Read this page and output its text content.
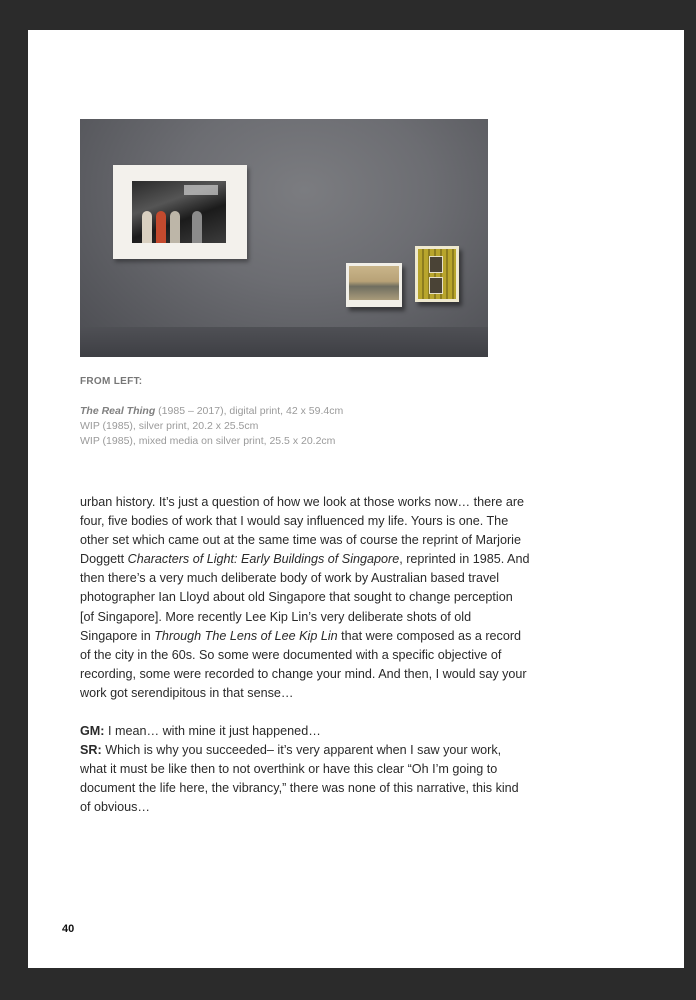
FROM LEFT:
The Real Thing (1985 – 2017), digital print, 42 x 59.4cm
WIP (1985), silver print, 20.2 x 25.5cm
WIP (1985), mixed media on silver print, 25.5 x 20.2cm

urban history. It’s just a question of how we look at those works now… there are four, five bodies of work that I would say influenced my life. Yours is one. The other set which came out at the same time was of course the reprint of Marjorie Doggett Characters of Light: Early Buildings of Singapore, reprinted in 1985. And then there’s a very much deliberate body of work by Australian based travel photographer Ian Lloyd about old Singapore that sought to change perception [of Singapore]. More recently Lee Kip Lin’s very deliberate shots of old Singapore in Through The Lens of Lee Kip Lin that were composed as a record of the city in the 60s. So some were documented with a specific objective of recording, some were recorded to change your mind. And then, I would say your work got serendipitous in that sense…

GM: I mean… with mine it just happened…

SR: Which is why you succeeded– it’s very apparent when I saw your work, what it must be like then to not overthink or have this clear “Oh I’m going to document the life here, the vibrancy,” there was none of this narrative, this kind of obvious…

40
